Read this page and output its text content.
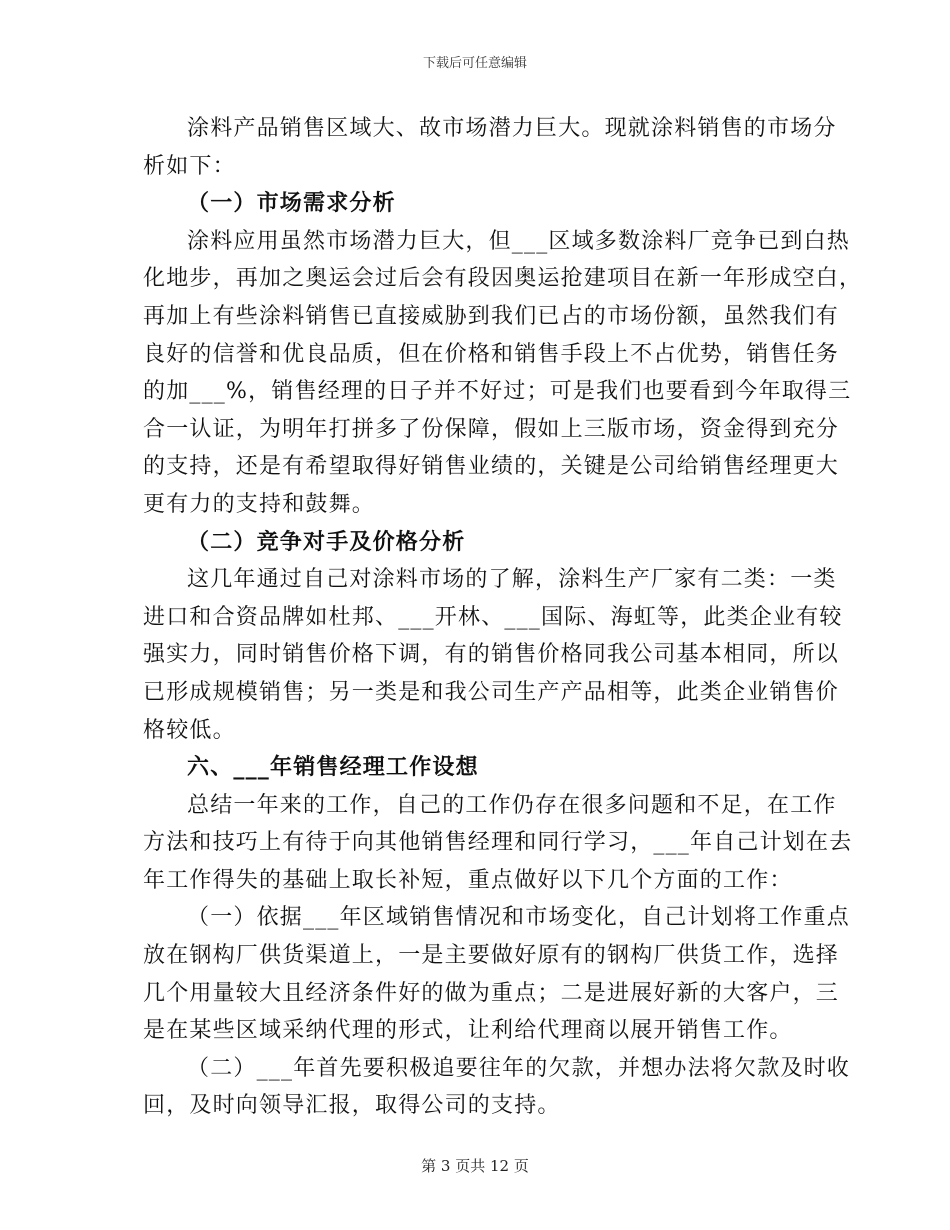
下载后可任意编辑
涂料产品销售区域大、故市场潜力巨大。现就涂料销售的市场分
析如下：
（一）市场需求分析
涂料应用虽然市场潜力巨大，但___区域多数涂料厂竞争已到白热
化地步，再加之奥运会过后会有段因奥运抢建项目在新一年形成空白，
再加上有些涂料销售已直接威胁到我们已占的市场份额，虽然我们有
良好的信誉和优良品质，但在价格和销售手段上不占优势，销售任务
的加___%，销售经理的日子并不好过；可是我们也要看到今年取得三
合一认证，为明年打拼多了份保障，假如上三版市场，资金得到充分
的支持，还是有希望取得好销售业绩的，关键是公司给销售经理更大
更有力的支持和鼓舞。
（二）竞争对手及价格分析
这几年通过自己对涂料市场的了解，涂料生产厂家有二类：一类
进口和合资品牌如杜邦、___开林、___国际、海虹等，此类企业有较
强实力，同时销售价格下调，有的销售价格同我公司基本相同，所以
已形成规模销售；另一类是和我公司生产产品相等，此类企业销售价
格较低。
六、___年销售经理工作设想
总结一年来的工作，自己的工作仍存在很多问题和不足，在工作
方法和技巧上有待于向其他销售经理和同行学习，___年自己计划在去
年工作得失的基础上取长补短，重点做好以下几个方面的工作：
（一）依据___年区域销售情况和市场变化，自己计划将工作重点
放在钢构厂供货渠道上，一是主要做好原有的钢构厂供货工作，选择
几个用量较大且经济条件好的做为重点；二是进展好新的大客户，三
是在某些区域采纳代理的形式，让利给代理商以展开销售工作。
（二）___年首先要积极追要往年的欠款，并想办法将欠款及时收
回，及时向领导汇报，取得公司的支持。
第 3 页共 12 页
